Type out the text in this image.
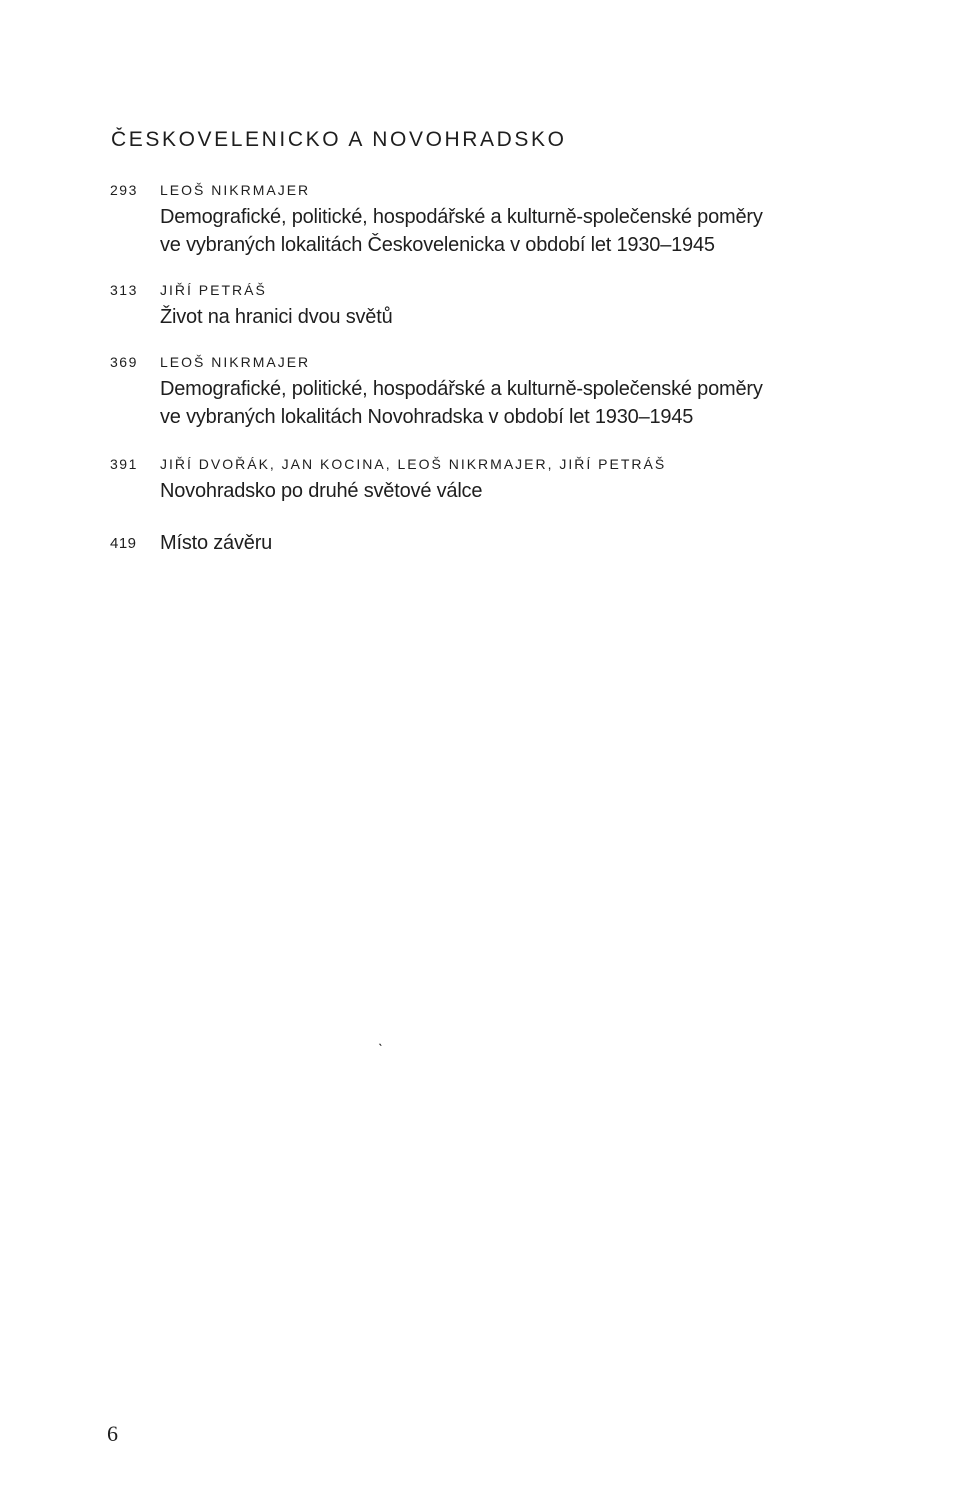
ČESKOVELENICKO A NOVOHRADSKO
293	LEOŠ NIKRMAJER
Demografické, politické, hospodářské a kulturně-společenské poměry
ve vybraných lokalitách Českovelenicka v období let 1930–1945
313	JIŘÍ PETRÁŠ
Život na hranici dvou světů
369	LEOŠ NIKRMAJER
Demografické, politické, hospodářské a kulturně-společenské poměry
ve vybraných lokalitách Novohradska v období let 1930–1945
391	JIŘÍ DVOŘÁK, JAN KOCINA, LEOŠ NIKRMAJER, JIŘÍ PETRÁŠ
Novohradsko po druhé světové válce
419	Místo závěru
ˎ
6
